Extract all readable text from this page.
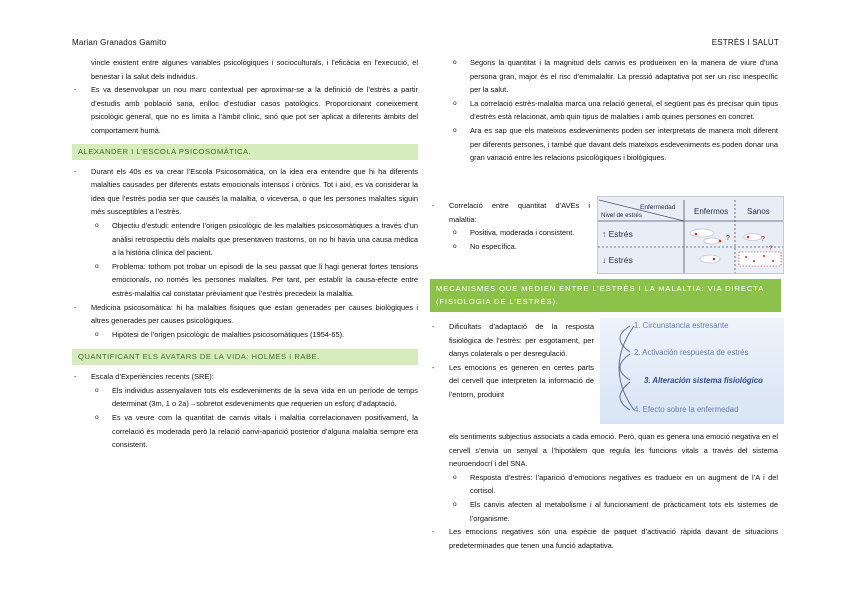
Marian Granados Gamito	ESTRÈS I SALUT
vincle existent entre algunes variables psicològiques i socioculturals, i l’eficàcia en l’execució, el benestar i la salut dels individus.
- Es va desenvolupar un nou marc contextual per aproximar-se a la definició de l’estrès a partir d’estudis amb població sana, enlloc d’estudiar casos patològics. Proporcionant coneixement psicològic general, que no es limita a l’àmbit clínic, sinó que pot ser aplicat a diferents àmbits del comportament humà.
ALEXANDER I L’ESCOLA PSICOSOMÀTICA.
- Durant els 40s es va crear l’Escola Psicosomàtica, on la idea era entendre que hi ha diferents malalties causades per diferents estats emocionals intensos i crònics. Tot i així, es va considerar la idea que l’estrès podia ser que causés la malaltia, o viceversa, o que les persones malaltes siguin més susceptibles a l’estrès.
o Objectiu d’estudi: entendre l’origen psicològic de les malalties psicosomàtiques a través d’un anàlisi retrospectiu dels malalts que presentaven trastorns, on no hi havia una causa mèdica a la història clínica del pacient.
o Problema: tothom pot trobar un episodi de la seu passat que li hagi generat fortes tensions emocionals, no només les persones malaltes. Per tant, per establir la causa-efecte entre estrès-malaltia cal constatar prèviament que l’estrès precedeix la malaltia.
- Medicina psicosomàtica: hi ha malalties físiques que estan generades per causes biològiques i altres generades per causes psicològiques.
o Hipòtesi de l’origen psicològic de malalties psicosomàtiques (1954-65).
QUANTIFICANT ELS AVATARS DE LA VIDA: HOLMES I RABE.
- Escala d’Experiències recents (SRE):
o Els individus assenyalaven tots els esdeveniments de la seva vida en un període de temps determinat (3m, 1 o 2a)→sobretot esdeveniments que requerien un esforç d’adaptació.
o Es va veure com la quantitat de canvis vitals i malaltia correlacionaven positivament, la correlació és moderada però la relació canvi-aparició posterior d’alguna malaltia sempre era consistent.
o Segons la quantitat i la magnitud dels canvis es produeixen en la manera de viure d’una persona gran, major és el risc d’emmalaltir. La pressió adaptativa pot ser un risc inespecífic per la salut.
o La correlació estrès-malaltia marca una relació general, el següent pas és precisar quin tipus d’estrès està relacionat, amb quin tipus de malalties i amb quines persones en concret.
o Ara es sap que els mateixos esdeveniments poden ser interpretats de manera molt diferent per diferents persones, i també que davant dels mateixos esdeveniments es poden donar una gran variació entre les relacions psicològiques i biològiques.
- Correlació entre quantitat d’AVEs i malaltia:
o Positiva, moderada i consistent.
o No específica.
Enfermedad
Nivel de estrés	Enfermos Sanos
↑ Estrés
↓ Estrés
?	?
?
MECANISMES QUE MEDIEN ENTRE L’ESTRÈS I LA MALALTIA: VIA DIRECTA (FISIOLOGIA DE L’ESTRÈS).
- Dificultats d’adaptació de la resposta fisiològica de l’estrès: per esgotament, per danys colaterals o per desregulació.
- Les emocions es generen en certes parts del cervell que interpreten la informació de l’entorn, produint
1. Circunstancia estresante
2. Activación respuesta de estrés
3. Alteración sistema fisiológico
4. Efecto sobre la enfermedad
els sentiments subjectius associats a cada emoció. Però, quan es genera una emoció negativa en el cervell s’envia un senyal a l’hipotàlem que regula les funcions vitals a través del sistema neuroendocrí i del SNA.
o Resposta d’estrès: l’aparició d’emocions negatives es tradueix en un augment de l’A i del cortisol.
o Els canvis afecten al metabolisme i al funcionament de pràcticament tots els sistemes de l’organisme.
- Les emocions negatives són una espècie de paquet d’activació ràpida davant de situacions predeterminades que tenen una funció adaptativa.
